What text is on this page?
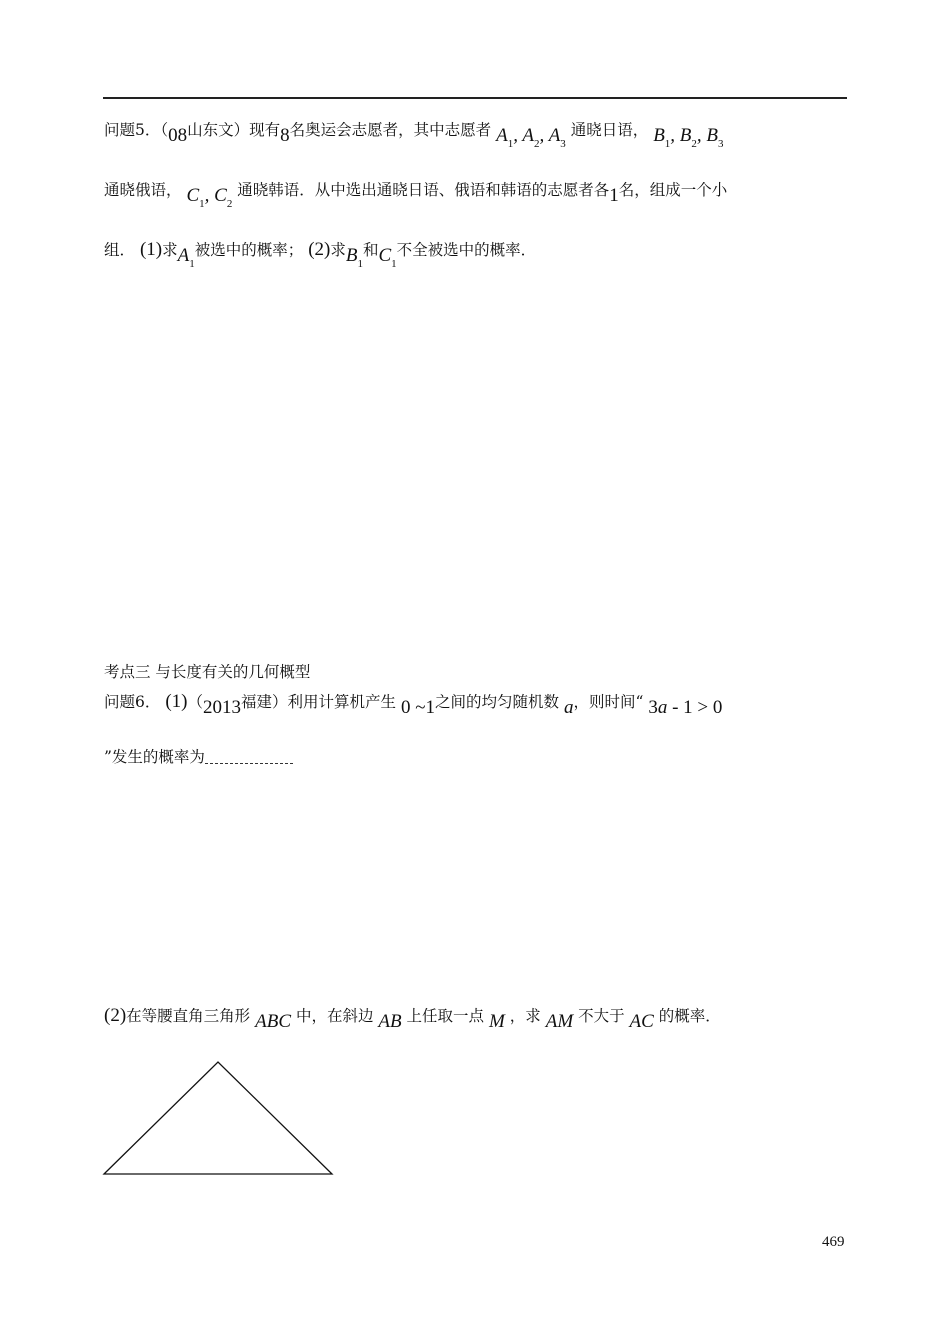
问题5．（08山东文）现有8名奥运会志愿者，其中志愿者 $A_1$, $A_2$, $A_3$ 通晓日语， $B_1$, $B_2$, $B_3$
通晓俄语， $C_1$, $C_2$ 通晓韩语．从中选出通晓日语、俄语和韩语的志愿者各1名，组成一个小
组． (1)求$A_1$被选中的概率； (2)求$B_1$和$C_1$不全被选中的概率．
考点三 与长度有关的几何概型
问题6． (1)（2013福建）利用计算机产生 0 ~1之间的均匀随机数 a，则时间“ 3a - 1 > 0
”发生的概率为
(2)在等腰直角三角形 ABC 中，在斜边 AB 上任取一点 M ，求 AM 不大于 AC 的概率．
469
